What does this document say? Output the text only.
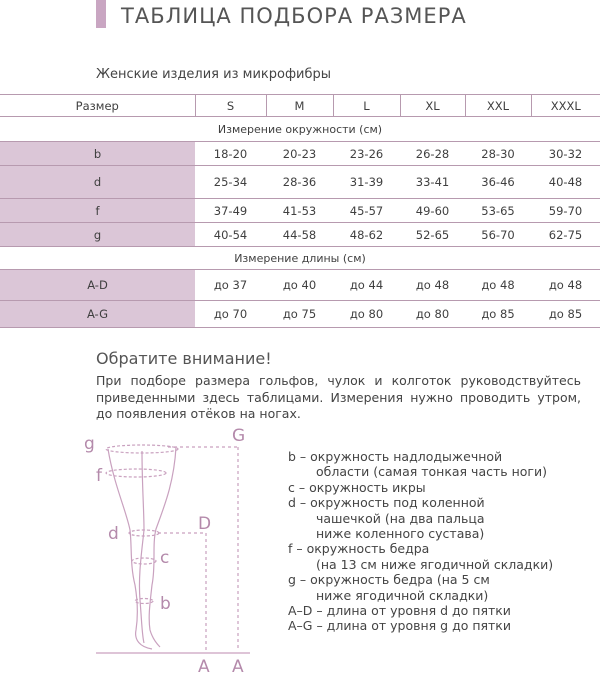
ТАБЛИЦА ПОДБОРА РАЗМЕРА
Женские изделия из микрофибры
Размер	S	M	L	XL	XXL	XXXL
Измерение окружности (см)						
b	18-20	20-23	23-26	26-28	28-30	30-32
d	25-34	28-36	31-39	33-41	36-46	40-48
f	37-49	41-53	45-57	49-60	53-65	59-70
g	40-54	44-58	48-62	52-65	56-70	62-75
Измерение длины (см)						
A-D	до 37	до 40	до 44	до 48	до 48	до 48
A-G	до 70	до 75	до 80	до 80	до 85	до 85
Обратите внимание!
При подборе размера гольфов, чулок и колготок руководствуйтесь приведенными здесь таблицами. Измерения нужно проводить утром, до появления отёков на ногах.
g	G
f
d	D
c
b
A A
b – окружность надлодыжечной
области (самая тонкая часть ноги)
c – окружность икры
d – окружность под коленной
чашечкой (на два пальца
ниже коленного сустава)
f – окружность бедра
(на 13 см ниже ягодичной складки)
g – окружность бедра (на 5 см
ниже ягодичной складки)
A–D – длина от уровня d до пятки
A–G – длина от уровня g до пятки
